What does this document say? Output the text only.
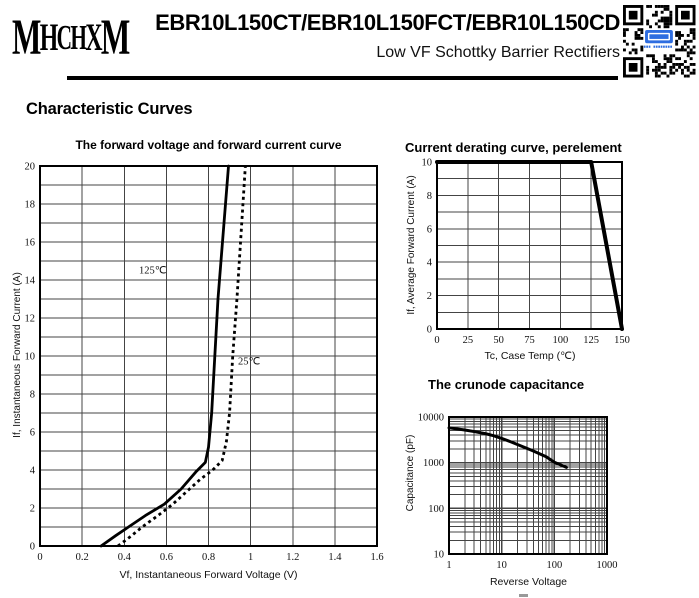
M H C H X M	EBR10L150CT/EBR10L150FCT/EBR10L150CD
Low VF Schottky Barrier Rectifiers
Characteristic Curves
The forward voltage and forward current curve
0	0.2	0.4	0.6	0.8	1	1.2	1.4	1.6
0
2
4
6
8
10
12
14
16
18
20
125℃
25℃
If, Instantaneous Forward Current (A)
Vf, Instantaneous Forward Voltage (V)
Current derating curve, perelement
0 25 50 75 100 125 150
0
2
4
6
8
10
If, Average Forward Current (A)
Tc, Case Temp (℃)
The crunode capacitance
1	10	100	1000
10
100
1000
10000
Capacitance (pF)
Reverse Voltage
